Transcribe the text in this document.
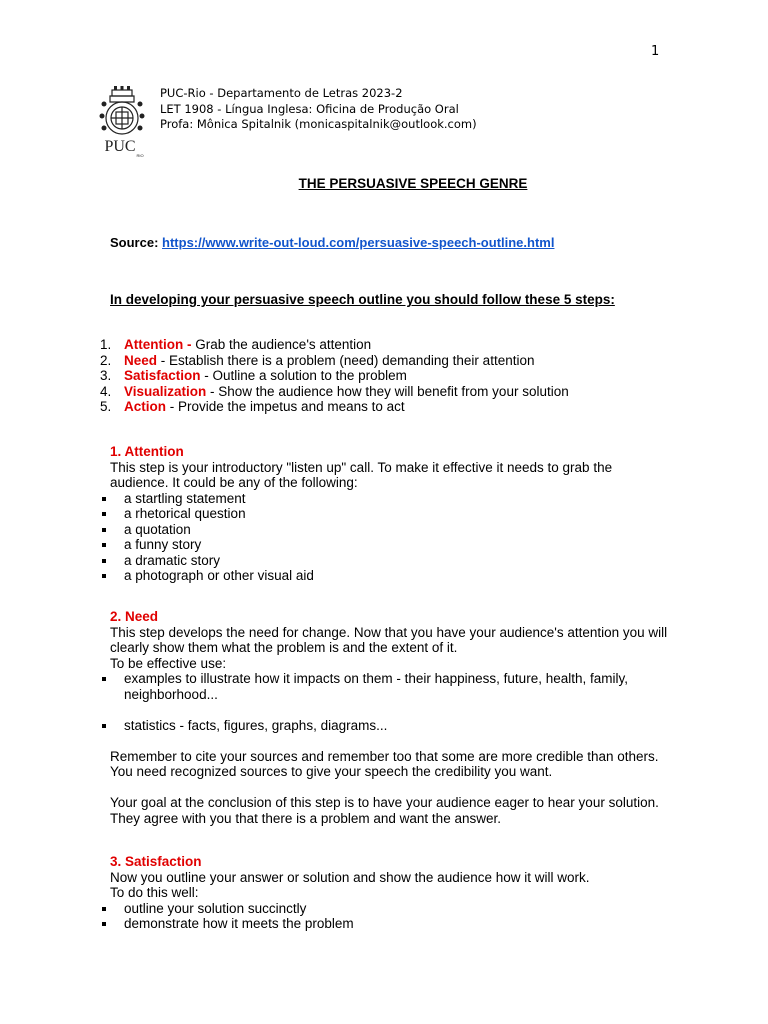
1
PUC
RIO
PUC-Rio - Departamento de Letras 2023-2
LET 1908 - Língua Inglesa: Oficina de Produção Oral
Profa: Mônica Spitalnik (monicaspitalnik@outlook.com)
THE PERSUASIVE SPEECH GENRE
Source: https://www.write-out-loud.com/persuasive-speech-outline.html
In developing your persuasive speech outline you should follow these 5 steps:
1. Attention - Grab the audience's attention
2. Need - Establish there is a problem (need) demanding their attention
3. Satisfaction - Outline a solution to the problem
4. Visualization - Show the audience how they will benefit from your solution
5. Action - Provide the impetus and means to act
1. Attention

This step is your introductory "listen up" call. To make it effective it needs to grab the audience. It could be any of the following:

a startling statement
a rhetorical question
a quotation
a funny story
a dramatic story
a photograph or other visual aid
2. Need

This step develops the need for change. Now that you have your audience's attention you will clearly show them what the problem is and the extent of it.

To be effective use:

examples to illustrate how it impacts on them - their happiness, future, health, family, neighborhood...
statistics - facts, figures, graphs, diagrams...

Remember to cite your sources and remember too that some are more credible than others. You need recognized sources to give your speech the credibility you want.

Your goal at the conclusion of this step is to have your audience eager to hear your solution. They agree with you that there is a problem and want the answer.

3. Satisfaction

Now you outline your answer or solution and show the audience how it will work.

To do this well:

outline your solution succinctly
demonstrate how it meets the problem
